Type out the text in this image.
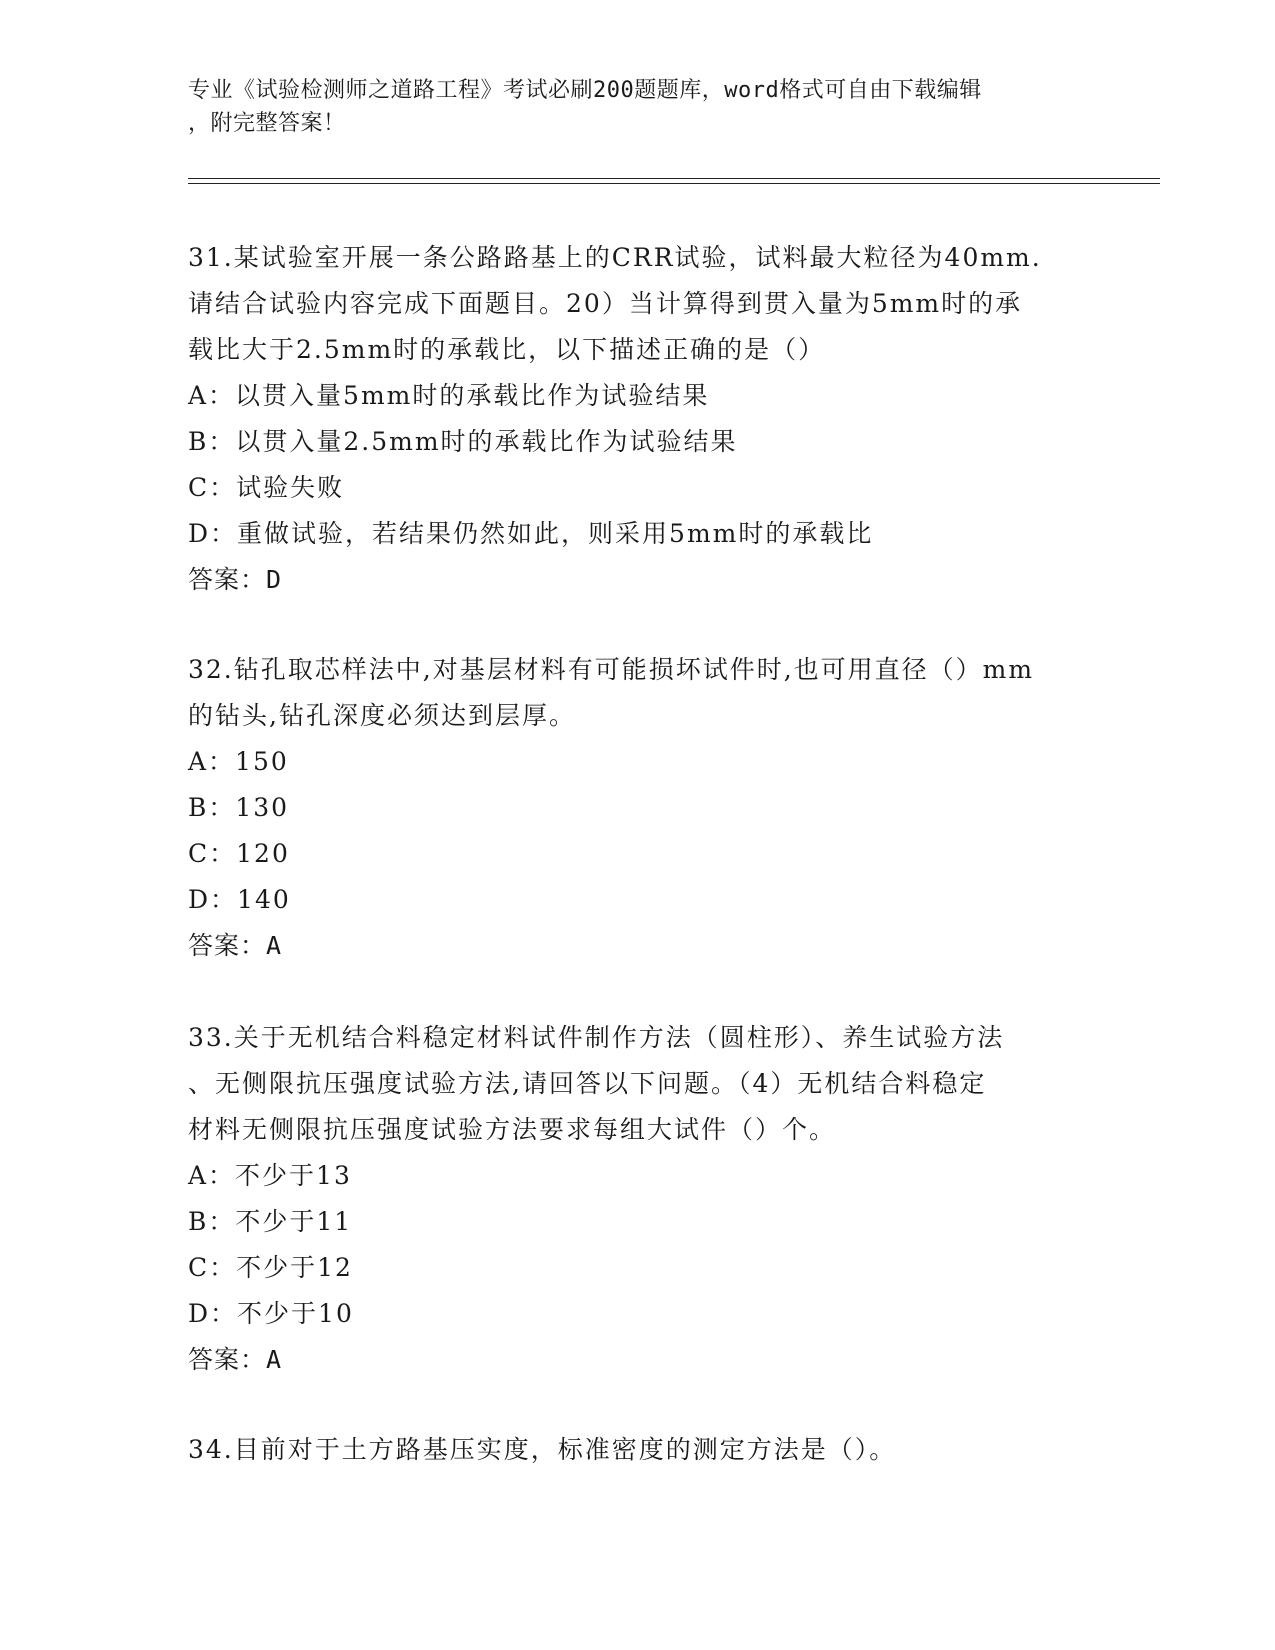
专业《试验检测师之道路工程》考试必刷200题题库，word格式可自由下载编辑
，附完整答案！
31.某试验室开展一条公路路基上的CRR试验，试料最大粒径为40mm.
请结合试验内容完成下面题目。20）当计算得到贯入量为5mm时的承
载比大于2.5mm时的承载比，以下描述正确的是（）
A：以贯入量5mm时的承载比作为试验结果
B：以贯入量2.5mm时的承载比作为试验结果
C：试验失败
D：重做试验，若结果仍然如此，则采用5mm时的承载比
答案：D
32.钻孔取芯样法中,对基层材料有可能损坏试件时,也可用直径（）mm
的钻头,钻孔深度必须达到层厚。
A：150
B：130
C：120
D：140
答案：A
33.关于无机结合料稳定材料试件制作方法（圆柱形）、养生试验方法
、无侧限抗压强度试验方法,请回答以下问题。（4）无机结合料稳定
材料无侧限抗压强度试验方法要求每组大试件（）个。
A：不少于13
B：不少于11
C：不少于12
D：不少于10
答案：A
34.目前对于土方路基压实度，标准密度的测定方法是（）。
